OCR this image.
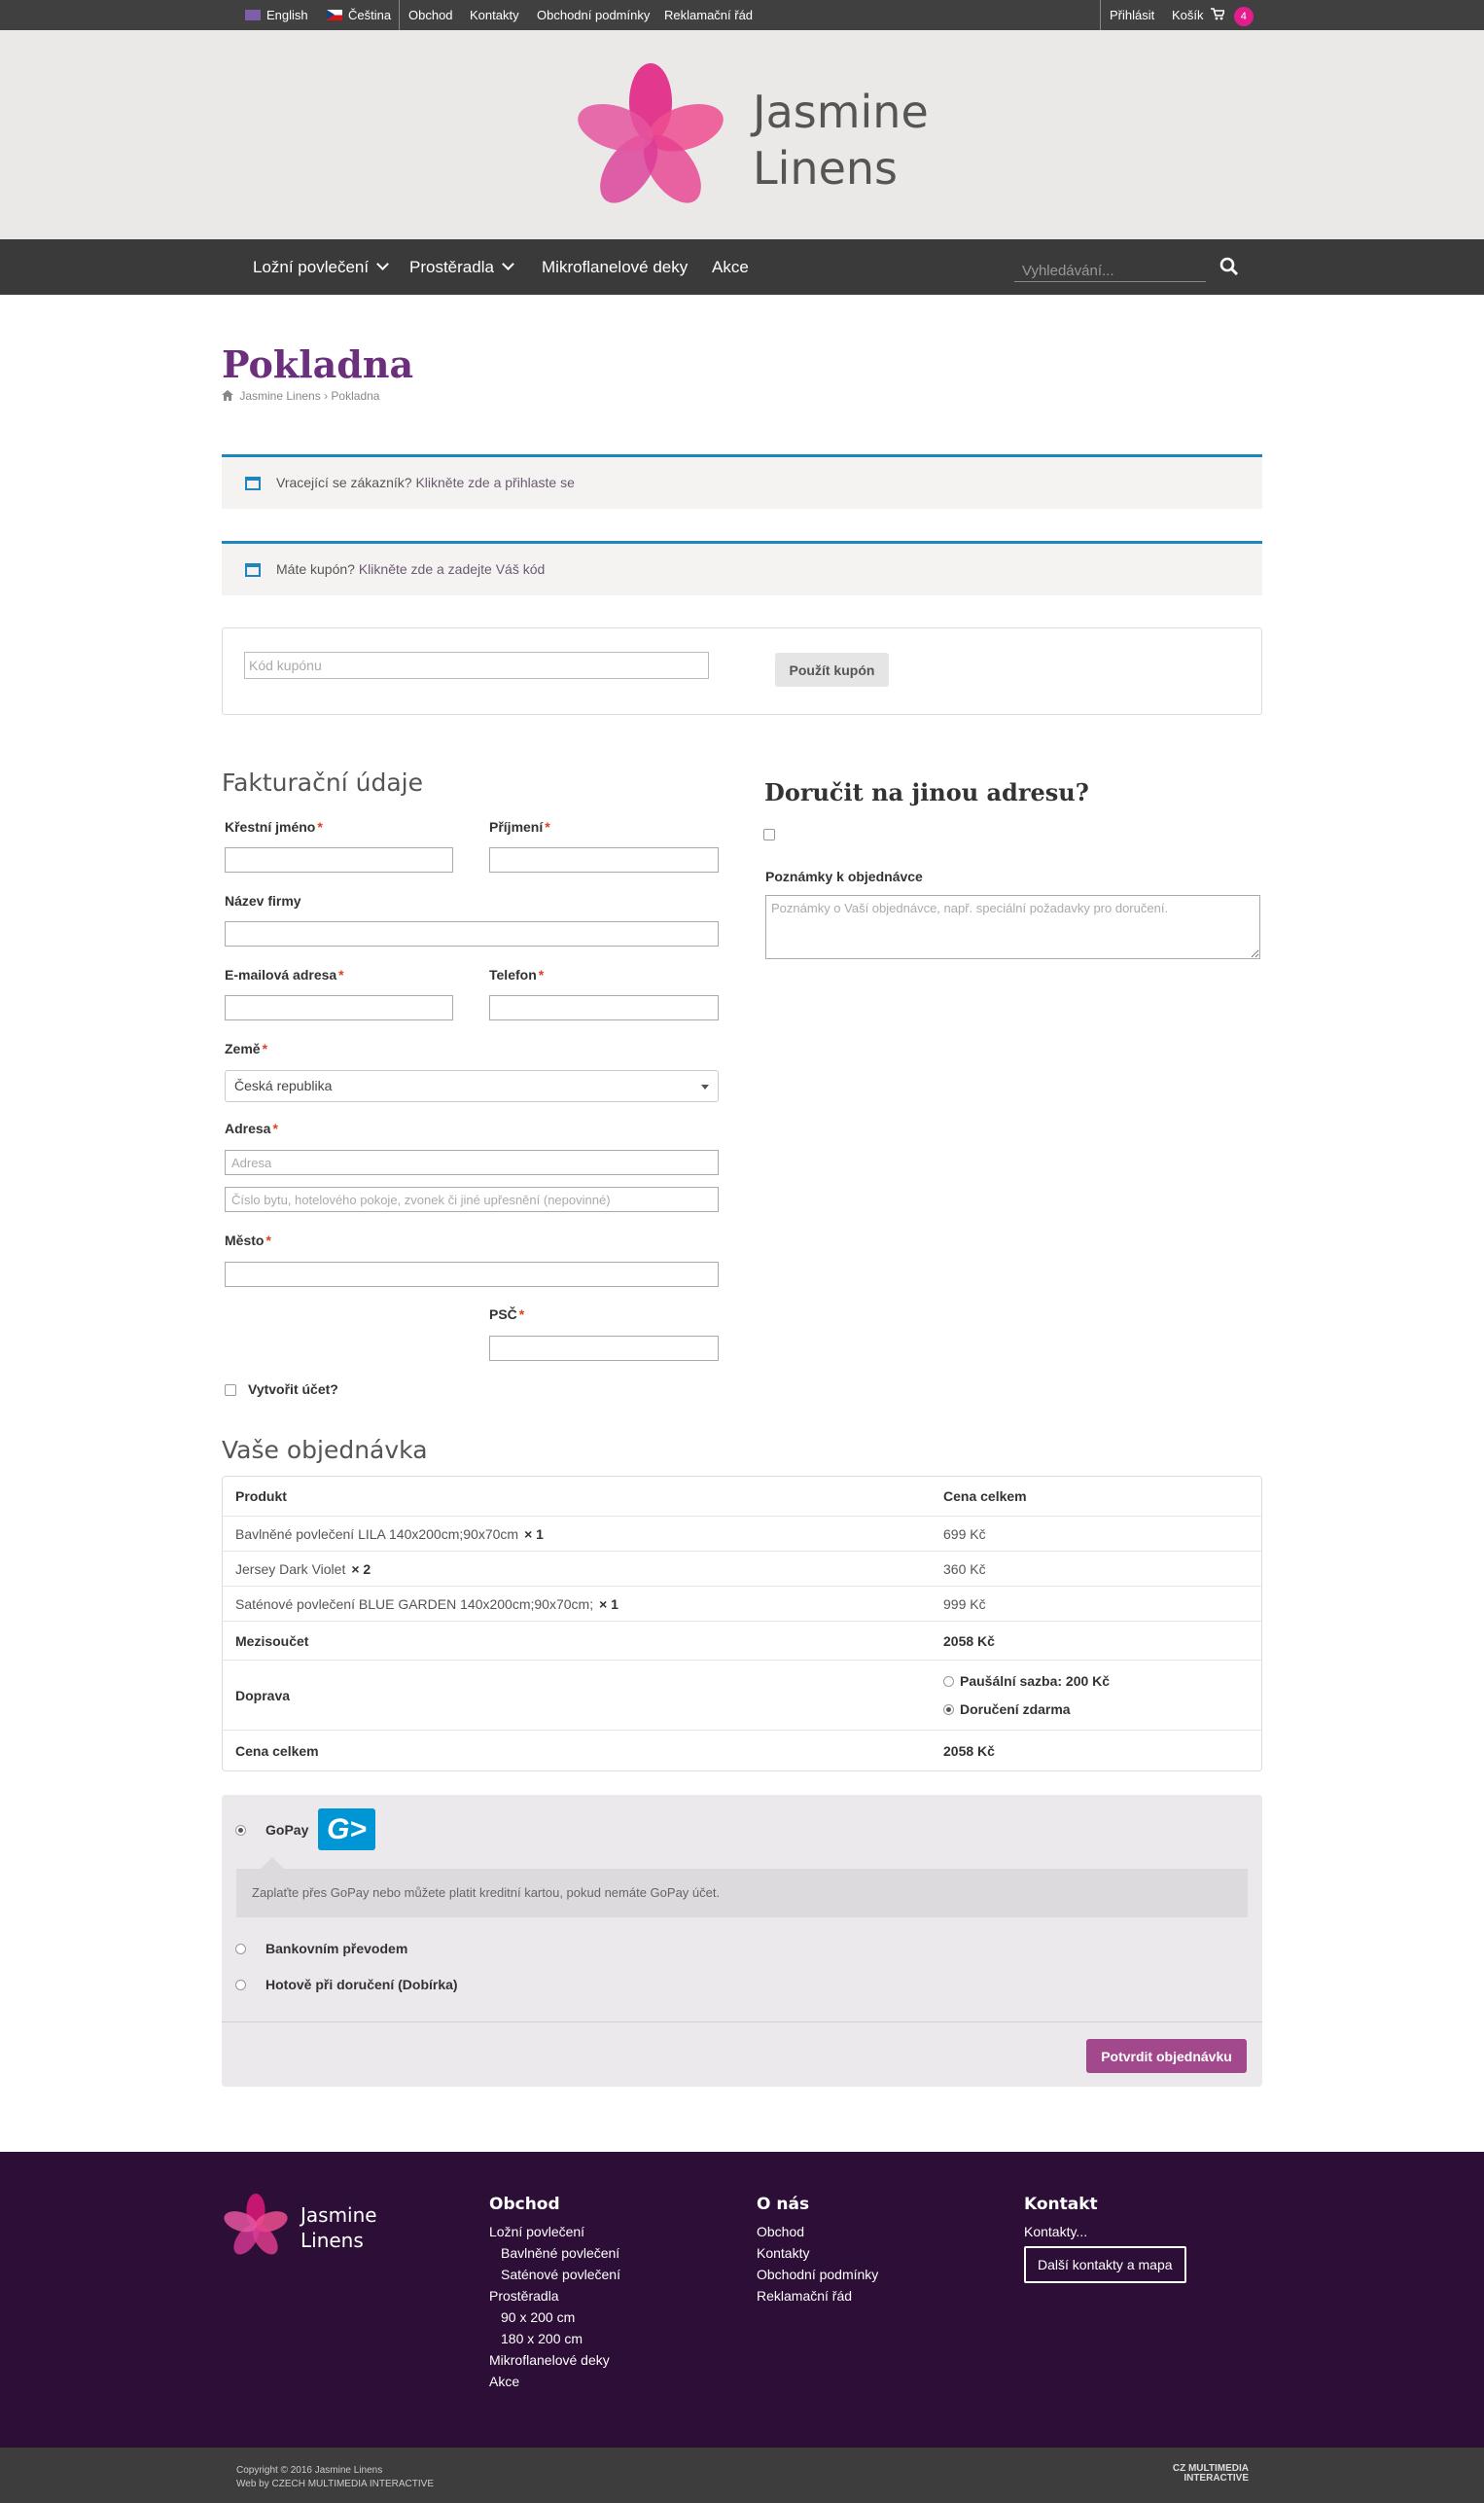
English	Čeština Obchod Kontakty Obchodní podmínky Reklamační řád	Přihlásit Košík	4
Jasmine
Linens
Ložní povlečení	Prostěradla	Mikroflanelové deky Akce
Vyhledávání...
Pokladna
Jasmine Linens › Pokladna
Vracející se zákazník? Klikněte zde a přihlaste se
Máte kupón? Klikněte zde a zadejte Váš kód
Kód kupónu
Použít kupón
Fakturační údaje
Křestní jméno *	Příjmení *
Název firmy
E-mailová adresa *	Telefon *
Země *
Česká republika
Adresa *
Adresa
Číslo bytu, hotelového pokoje, zvonek či jiné upřesnění (nepovinné)
Město *
PSČ *
Vytvořit účet?
Doručit na jinou adresu?
Poznámky k objednávce
Poznámky o Vaší objednávce, např. speciální požadavky pro doručení.
Vaše objednávka
Produkt	Cena celkem
Bavlněné povlečení LILA 140x200cm;90x70cm × 1	699 Kč
Jersey Dark Violet × 2	360 Kč
Saténové povlečení BLUE GARDEN 140x200cm;90x70cm; × 1	999 Kč
Mezisoučet	2058 Kč
Doprava	Paušální sazba: 200 Kč
Doručení zdarma

Cena celkem	2058 Kč
GoPay G>
Zaplaťte přes GoPay nebo můžete platit kreditní kartou, pokud nemáte GoPay účet.
Bankovním převodem
Hotově při doručení (Dobírka)
Potvrdit objednávku
Jasmine
Linens
Obchod
Ložní povlečení
Bavlněné povlečení
Saténové povlečení
Prostěradla
90 x 200 cm
180 x 200 cm
Mikroflanelové deky
Akce
O nás
Obchod
Kontakty
Obchodní podmínky
Reklamační řád
Kontakt
Kontakty...
Další kontakty a mapa
Copyright © 2016 Jasmine Linens
Web by CZECH MULTIMEDIA INTERACTIVE
CZ MULTIMEDIA INTERACTIVE
